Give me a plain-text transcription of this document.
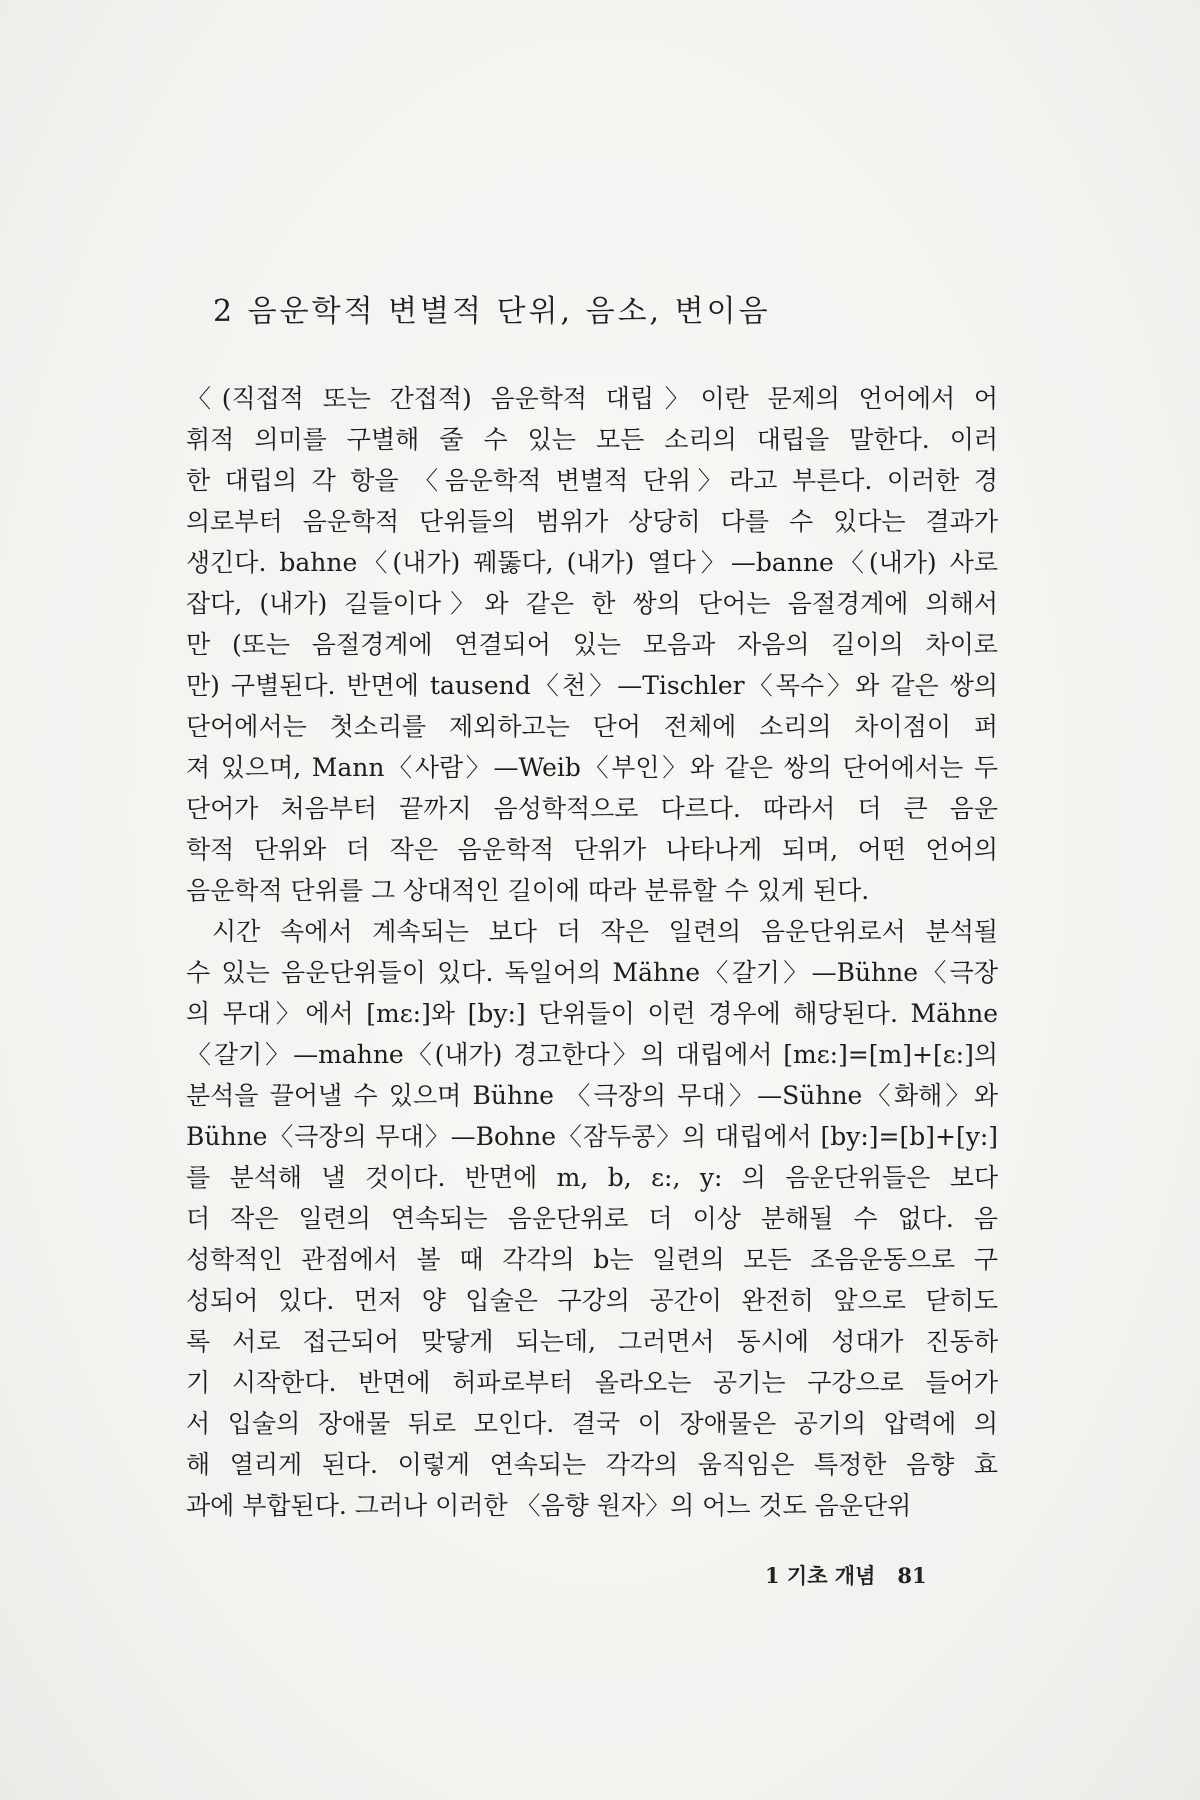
2 음운학적 변별적 단위, 음소, 변이음
〈(직접적 또는 간접적) 음운학적 대립〉이란 문제의 언어에서 어
휘적 의미를 구별해 줄 수 있는 모든 소리의 대립을 말한다. 이러
한 대립의 각 항을 〈음운학적 변별적 단위〉라고 부른다. 이러한 경
의로부터 음운학적 단위들의 범위가 상당히 다를 수 있다는 결과가
생긴다. bahne〈(내가) 꿰뚫다, (내가) 열다〉—banne〈(내가) 사로
잡다, (내가) 길들이다〉와 같은 한 쌍의 단어는 음절경계에 의해서
만 (또는 음절경계에 연결되어 있는 모음과 자음의 길이의 차이로
만) 구별된다. 반면에 tausend〈천〉—Tischler〈목수〉와 같은 쌍의
단어에서는 첫소리를 제외하고는 단어 전체에 소리의 차이점이 퍼
져 있으며, Mann〈사람〉—Weib〈부인〉와 같은 쌍의 단어에서는 두
단어가 처음부터 끝까지 음성학적으로 다르다. 따라서 더 큰 음운
학적 단위와 더 작은 음운학적 단위가 나타나게 되며, 어떤 언어의
음운학적 단위를 그 상대적인 길이에 따라 분류할 수 있게 된다.
시간 속에서 계속되는 보다 더 작은 일련의 음운단위로서 분석될
수 있는 음운단위들이 있다. 독일어의 Mähne〈갈기〉—Bühne〈극장
의 무대〉에서 [mɛ:]와 [by:] 단위들이 이런 경우에 해당된다. Mähne
〈갈기〉—mahne〈(내가) 경고한다〉의 대립에서 [mɛ:]=[m]+[ɛ:]의
분석을 끌어낼 수 있으며 Bühne 〈극장의 무대〉—Sühne〈화해〉와
Bühne〈극장의 무대〉—Bohne〈잠두콩〉의 대립에서 [by:]=[b]+[y:]
를 분석해 낼 것이다. 반면에 m, b, ɛ:, y: 의 음운단위들은 보다
더 작은 일련의 연속되는 음운단위로 더 이상 분해될 수 없다. 음
성학적인 관점에서 볼 때 각각의 b는 일련의 모든 조음운동으로 구
성되어 있다. 먼저 양 입술은 구강의 공간이 완전히 앞으로 닫히도
록 서로 접근되어 맞닿게 되는데, 그러면서 동시에 성대가 진동하
기 시작한다. 반면에 허파로부터 올라오는 공기는 구강으로 들어가
서 입술의 장애물 뒤로 모인다. 결국 이 장애물은 공기의 압력에 의
해 열리게 된다. 이렇게 연속되는 각각의 움직임은 특정한 음향 효
과에 부합된다. 그러나 이러한 〈음향 원자〉의 어느 것도 음운단위
1 기초 개념 81
